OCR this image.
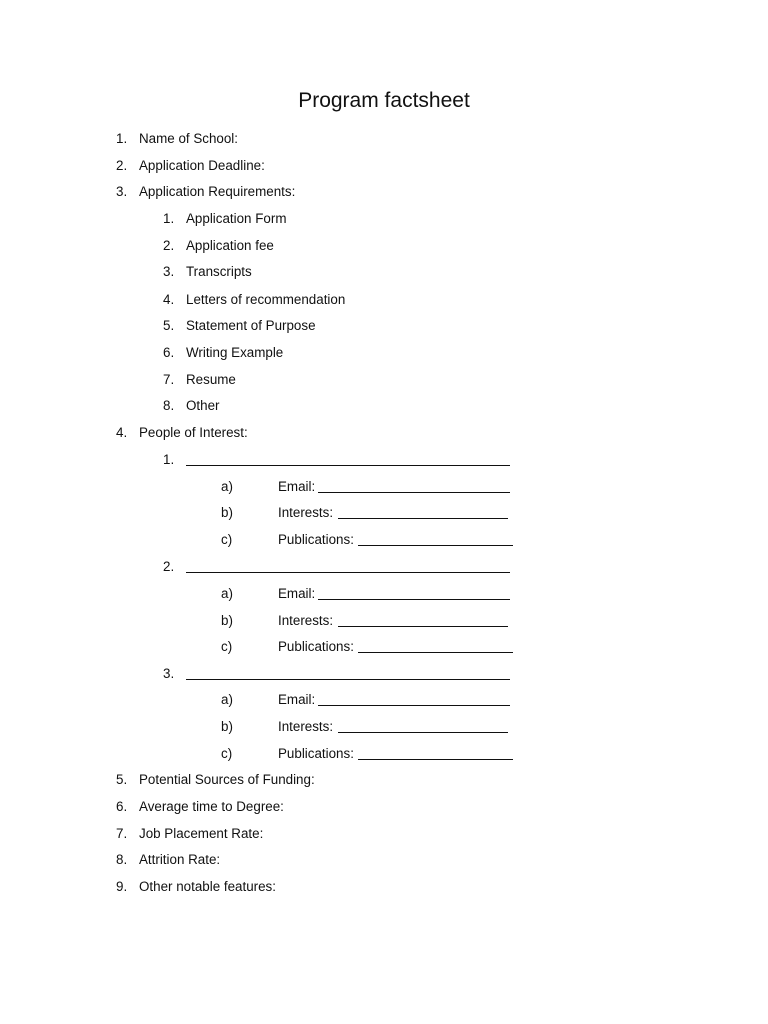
Program factsheet
1. Name of School:
2. Application Deadline:
3. Application Requirements:
1. Application Form
2. Application fee
3. Transcripts
4. Letters of recommendation
5. Statement of Purpose
6. Writing Example
7. Resume
8. Other
4. People of Interest:
1.
a)	Email:
b)	Interests:
c)	Publications:
2.
a)	Email:
b)	Interests:
c)	Publications:
3.
a)	Email:
b)	Interests:
c)	Publications:
5. Potential Sources of Funding:
6. Average time to Degree:
7. Job Placement Rate:
8. Attrition Rate:
9. Other notable features:
